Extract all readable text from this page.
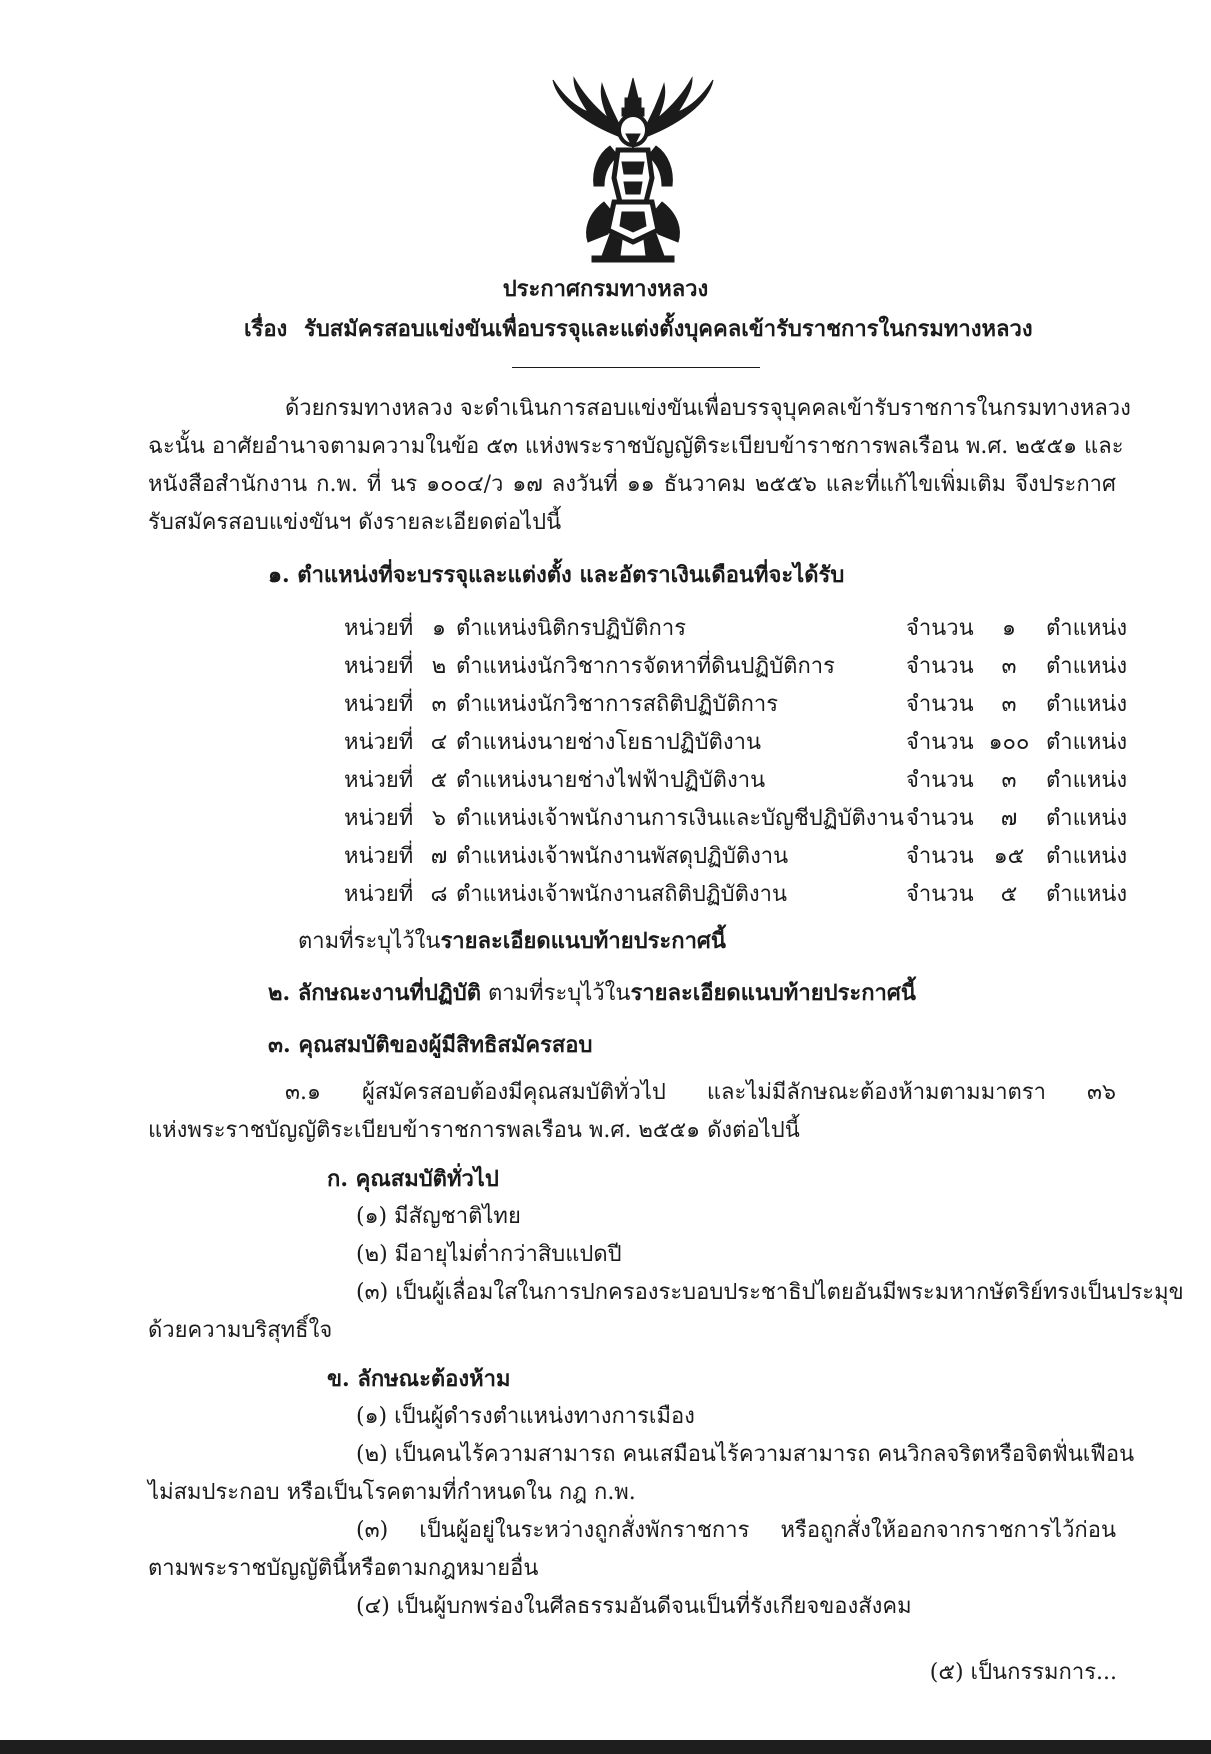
ประกาศกรมทางหลวง
เรื่อง รับสมัครสอบแข่งขันเพื่อบรรจุและแต่งตั้งบุคคลเข้ารับราชการในกรมทางหลวง
ด้วยกรมทางหลวง จะดำเนินการสอบแข่งขันเพื่อบรรจุบุคคลเข้ารับราชการในกรมทางหลวง
ฉะนั้น อาศัยอำนาจตามความในข้อ ๕๓ แห่งพระราชบัญญัติระเบียบข้าราชการพลเรือน พ.ศ. ๒๕๕๑ และ
หนังสือสำนักงาน ก.พ. ที่ นร ๑๐๐๔/ว ๑๗ ลงวันที่ ๑๑ ธันวาคม ๒๕๕๖ และที่แก้ไขเพิ่มเติม จึงประกาศ
รับสมัครสอบแข่งขันฯ ดังรายละเอียดต่อไปนี้
๑. ตำแหน่งที่จะบรรจุและแต่งตั้ง และอัตราเงินเดือนที่จะได้รับ
หน่วยที่ ๑ ตำแหน่งนิติกรปฏิบัติการ	จำนวน	๑	ตำแหน่ง
หน่วยที่ ๒ ตำแหน่งนักวิชาการจัดหาที่ดินปฏิบัติการ	จำนวน	๓	ตำแหน่ง
หน่วยที่ ๓ ตำแหน่งนักวิชาการสถิติปฏิบัติการ	จำนวน	๓	ตำแหน่ง
หน่วยที่ ๔ ตำแหน่งนายช่างโยธาปฏิบัติงาน	จำนวน ๑๐๐ ตำแหน่ง
หน่วยที่ ๕ ตำแหน่งนายช่างไฟฟ้าปฏิบัติงาน	จำนวน	๓	ตำแหน่ง
หน่วยที่ ๖ ตำแหน่งเจ้าพนักงานการเงินและบัญชีปฏิบัติงาน จำนวน	๗	ตำแหน่ง
หน่วยที่ ๗ ตำแหน่งเจ้าพนักงานพัสดุปฏิบัติงาน	จำนวน ๑๕ ตำแหน่ง
หน่วยที่ ๘ ตำแหน่งเจ้าพนักงานสถิติปฏิบัติงาน	จำนวน	๕	ตำแหน่ง
ตามที่ระบุไว้ในรายละเอียดแนบท้ายประกาศนี้
๒. ลักษณะงานที่ปฏิบัติ ตามที่ระบุไว้ในรายละเอียดแนบท้ายประกาศนี้
๓. คุณสมบัติของผู้มีสิทธิสมัครสอบ
๓.๑ ผู้สมัครสอบต้องมีคุณสมบัติทั่วไป และไม่มีลักษณะต้องห้ามตามมาตรา ๓๖
แห่งพระราชบัญญัติระเบียบข้าราชการพลเรือน พ.ศ. ๒๕๕๑ ดังต่อไปนี้
ก. คุณสมบัติทั่วไป
(๑) มีสัญชาติไทย
(๒) มีอายุไม่ต่ำกว่าสิบแปดปี
(๓) เป็นผู้เลื่อมใสในการปกครองระบอบประชาธิปไตยอันมีพระมหากษัตริย์ทรงเป็นประมุข
ด้วยความบริสุทธิ์ใจ
ข. ลักษณะต้องห้าม
(๑) เป็นผู้ดำรงตำแหน่งทางการเมือง
(๒) เป็นคนไร้ความสามารถ คนเสมือนไร้ความสามารถ คนวิกลจริตหรือจิตฟั่นเฟือน
ไม่สมประกอบ หรือเป็นโรคตามที่กำหนดใน กฎ ก.พ.
(๓) เป็นผู้อยู่ในระหว่างถูกสั่งพักราชการ หรือถูกสั่งให้ออกจากราชการไว้ก่อน
ตามพระราชบัญญัตินี้หรือตามกฎหมายอื่น
(๔) เป็นผู้บกพร่องในศีลธรรมอันดีจนเป็นที่รังเกียจของสังคม
(๕) เป็นกรรมการ...
